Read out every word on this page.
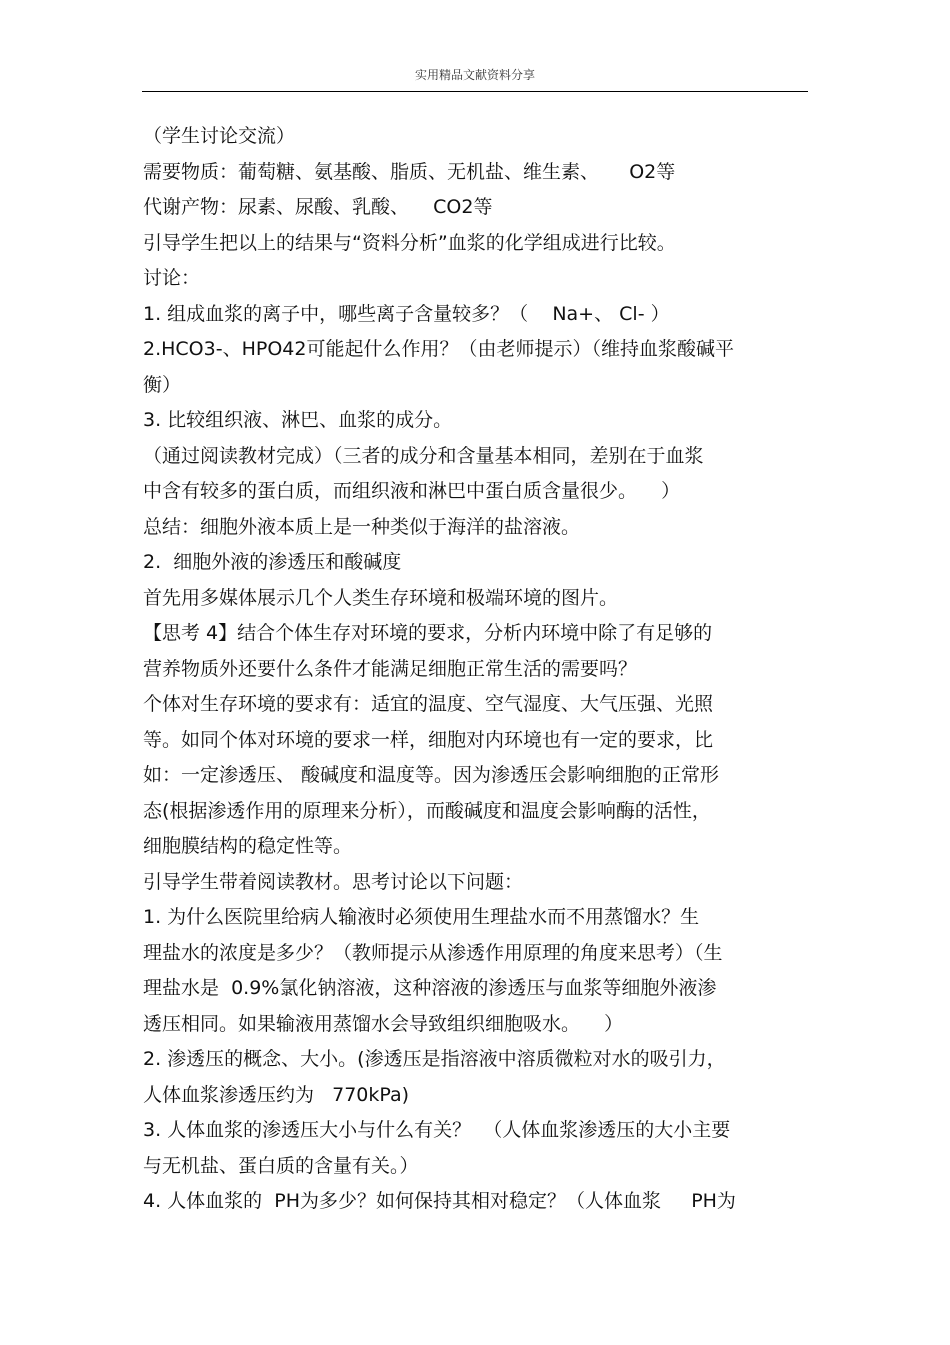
实用精品文献资料分享
（学生讨论交流）
需要物质：葡萄糖、氨基酸、脂质、无机盐、维生素、     O2等
代谢产物：尿素、尿酸、乳酸、    CO2等
引导学生把以上的结果与“资料分析”血浆的化学组成进行比较。
讨论：
1. 组成血浆的离子中，哪些离子含量较多？（    Na+、 Cl- ）
2.HCO3-、HPO42可能起什么作用？（由老师提示）（维持血浆酸碱平
衡）
3. 比较组织液、淋巴、血浆的成分。
（通过阅读教材完成）（三者的成分和含量基本相同，差别在于血浆
中含有较多的蛋白质，而组织液和淋巴中蛋白质含量很少。    ）
总结：细胞外液本质上是一种类似于海洋的盐溶液。
2.  细胞外液的渗透压和酸碱度
首先用多媒体展示几个人类生存环境和极端环境的图片。
【思考 4】结合个体生存对环境的要求，分析内环境中除了有足够的
营养物质外还要什么条件才能满足细胞正常生活的需要吗？
个体对生存环境的要求有：适宜的温度、空气湿度、大气压强、光照
等。如同个体对环境的要求一样，细胞对内环境也有一定的要求，比
如：一定渗透压、 酸碱度和温度等。因为渗透压会影响细胞的正常形
态(根据渗透作用的原理来分析），而酸碱度和温度会影响酶的活性，
细胞膜结构的稳定性等。
引导学生带着阅读教材。思考讨论以下问题：
1. 为什么医院里给病人输液时必须使用生理盐水而不用蒸馏水？生
理盐水的浓度是多少？（教师提示从渗透作用原理的角度来思考）（生
理盐水是  0.9%氯化钠溶液，这种溶液的渗透压与血浆等细胞外液渗
透压相同。如果输液用蒸馏水会导致组织细胞吸水。    ）
2. 渗透压的概念、大小。(渗透压是指溶液中溶质微粒对水的吸引力，
人体血浆渗透压约为   770kPa)
3. 人体血浆的渗透压大小与什么有关？  （人体血浆渗透压的大小主要
与无机盐、蛋白质的含量有关。）
4. 人体血浆的  PH为多少？如何保持其相对稳定？（人体血浆     PH为
